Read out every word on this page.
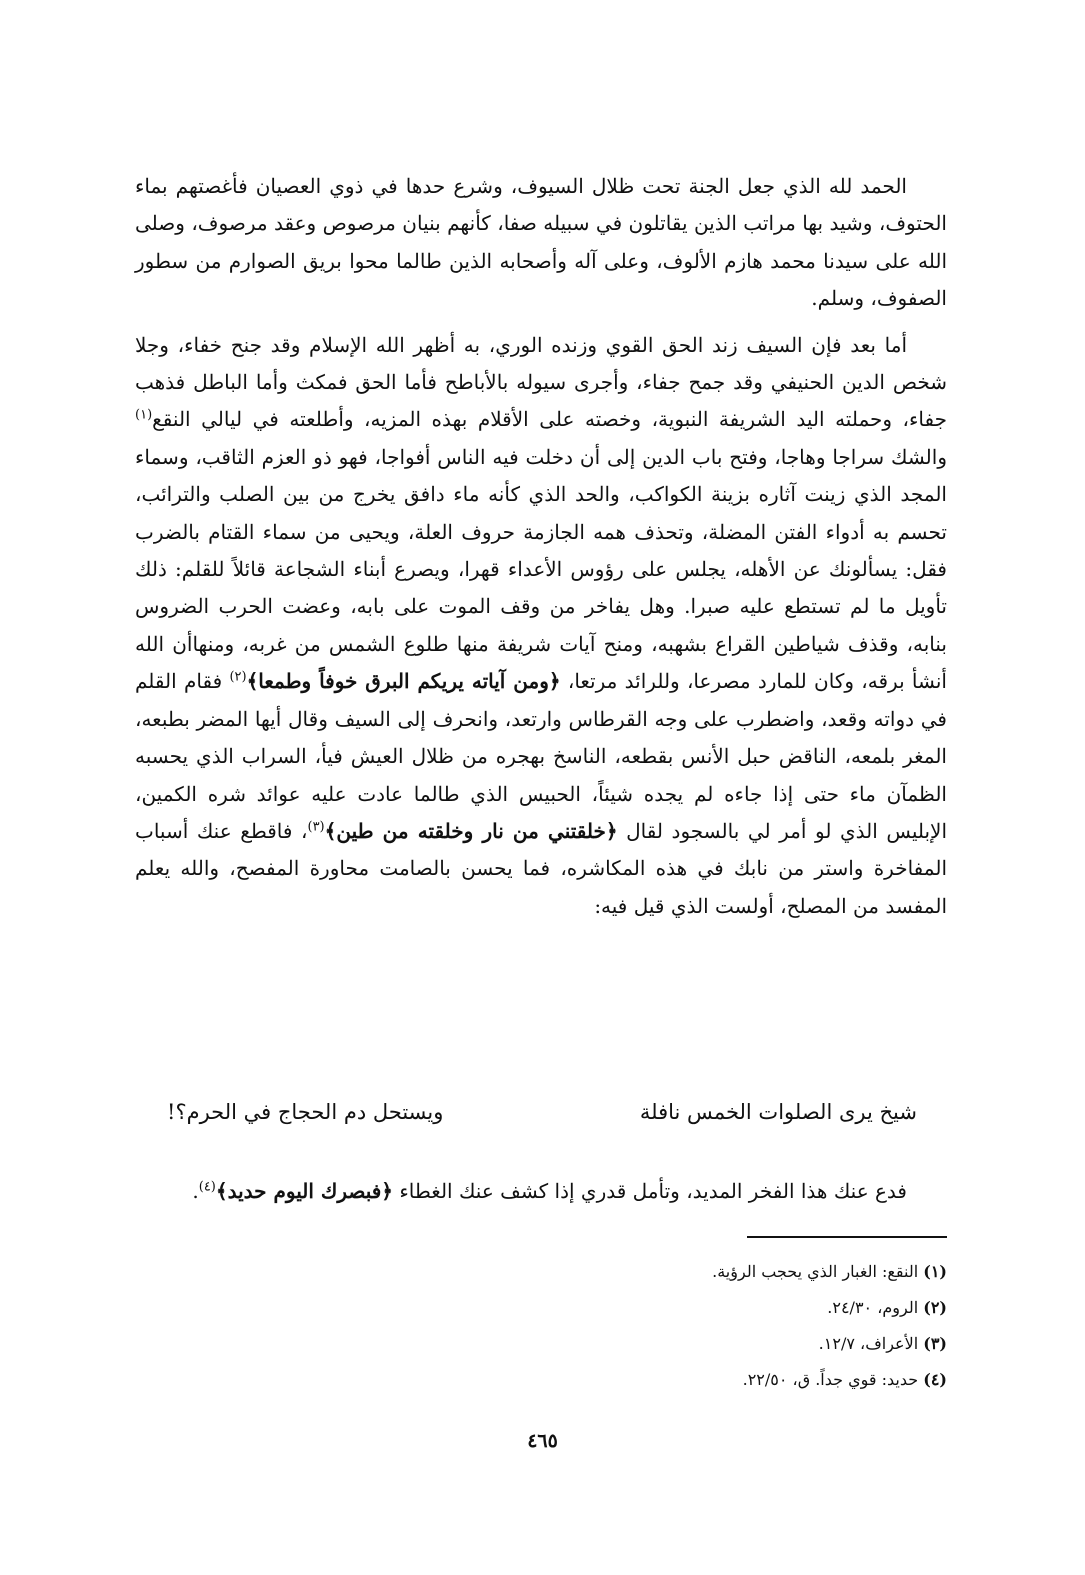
الحمد لله الذي جعل الجنة تحت ظلال السيوف، وشرع حدها في ذوي العصيان فأغصتهم بماء الحتوف، وشيد بها مراتب الذين يقاتلون في سبيله صفا، كأنهم بنيان مرصوص وعقد مرصوف، وصلى الله على سيدنا محمد هازم الألوف، وعلى آله وأصحابه الذين طالما محوا بريق الصوارم من سطور الصفوف، وسلم.

أما بعد فإن السيف زند الحق القوي وزنده الوري، به أظهر الله الإسلام وقد جنح خفاء، وجلا شخص الدين الحنيفي وقد جمح جفاء، وأجرى سيوله بالأباطح فأما الحق فمكث وأما الباطل فذهب جفاء، وحملته اليد الشريفة النبوية، وخصته على الأقلام بهذه المزيه، وأطلعته في ليالي النقع$^{(١)}$ والشك سراجا وهاجا، وفتح باب الدين إلى أن دخلت فيه الناس أفواجا، فهو ذو العزم الثاقب، وسماء المجد الذي زينت آثاره بزينة الكواكب، والحد الذي كأنه ماء دافق يخرج من بين الصلب والترائب، تحسم به أدواء الفتن المضلة، وتحذف همه الجازمة حروف العلة، ويحيى من سماء القتام بالضرب فقل: يسألونك عن الأهله، يجلس على رؤوس الأعداء قهرا، ويصرع أبناء الشجاعة قائلاً للقلم: ذلك تأويل ما لم تستطع عليه صبرا. وهل يفاخر من وقف الموت على بابه، وعضت الحرب الضروس بنابه، وقذف شياطين القراع بشهبه، ومنح آيات شريفة منها طلوع الشمس من غربه، ومنهاأن الله أنشأ برقه، وكان للمارد مصرعا، وللرائد مرتعا، ﴿ومن آياته يريكم البرق خوفاً وطمعا﴾$^{(٢)}$ فقام القلم في دواته وقعد، واضطرب على وجه القرطاس وارتعد، وانحرف إلى السيف وقال أيها المضر بطبعه، المغر بلمعه، الناقض حبل الأنس بقطعه، الناسخ بهجره من ظلال العيش فيأ، السراب الذي يحسبه الظمآن ماء حتى إذا جاءه لم يجده شيئاً، الحبيس الذي طالما عادت عليه عوائد شره الكمين، الإبليس الذي لو أمر لي بالسجود لقال ﴿خلقتني من نار وخلقته من طين﴾$^{(٣)}$، فاقطع عنك أسباب المفاخرة واستر من نابك في هذه المكاشره، فما يحسن بالصامت محاورة المفصح، والله يعلم المفسد من المصلح، أولست الذي قيل فيه:

شيخ يرى الصلوات الخمس نافلة
ويستحل دم الحجاج في الحرم؟!

فدع عنك هذا الفخر المديد، وتأمل قدري إذا كشف عنك الغطاء ﴿فبصرك اليوم حديد﴾$^{(٤)}$.

(١) النقع: الغبار الذي يحجب الرؤية.

(٢) الروم، ٢٤/٣٠.

(٣) الأعراف، ١٢/٧.

(٤) حديد: قوي جداً. ق، ٢٢/٥٠.

٤٦٥
